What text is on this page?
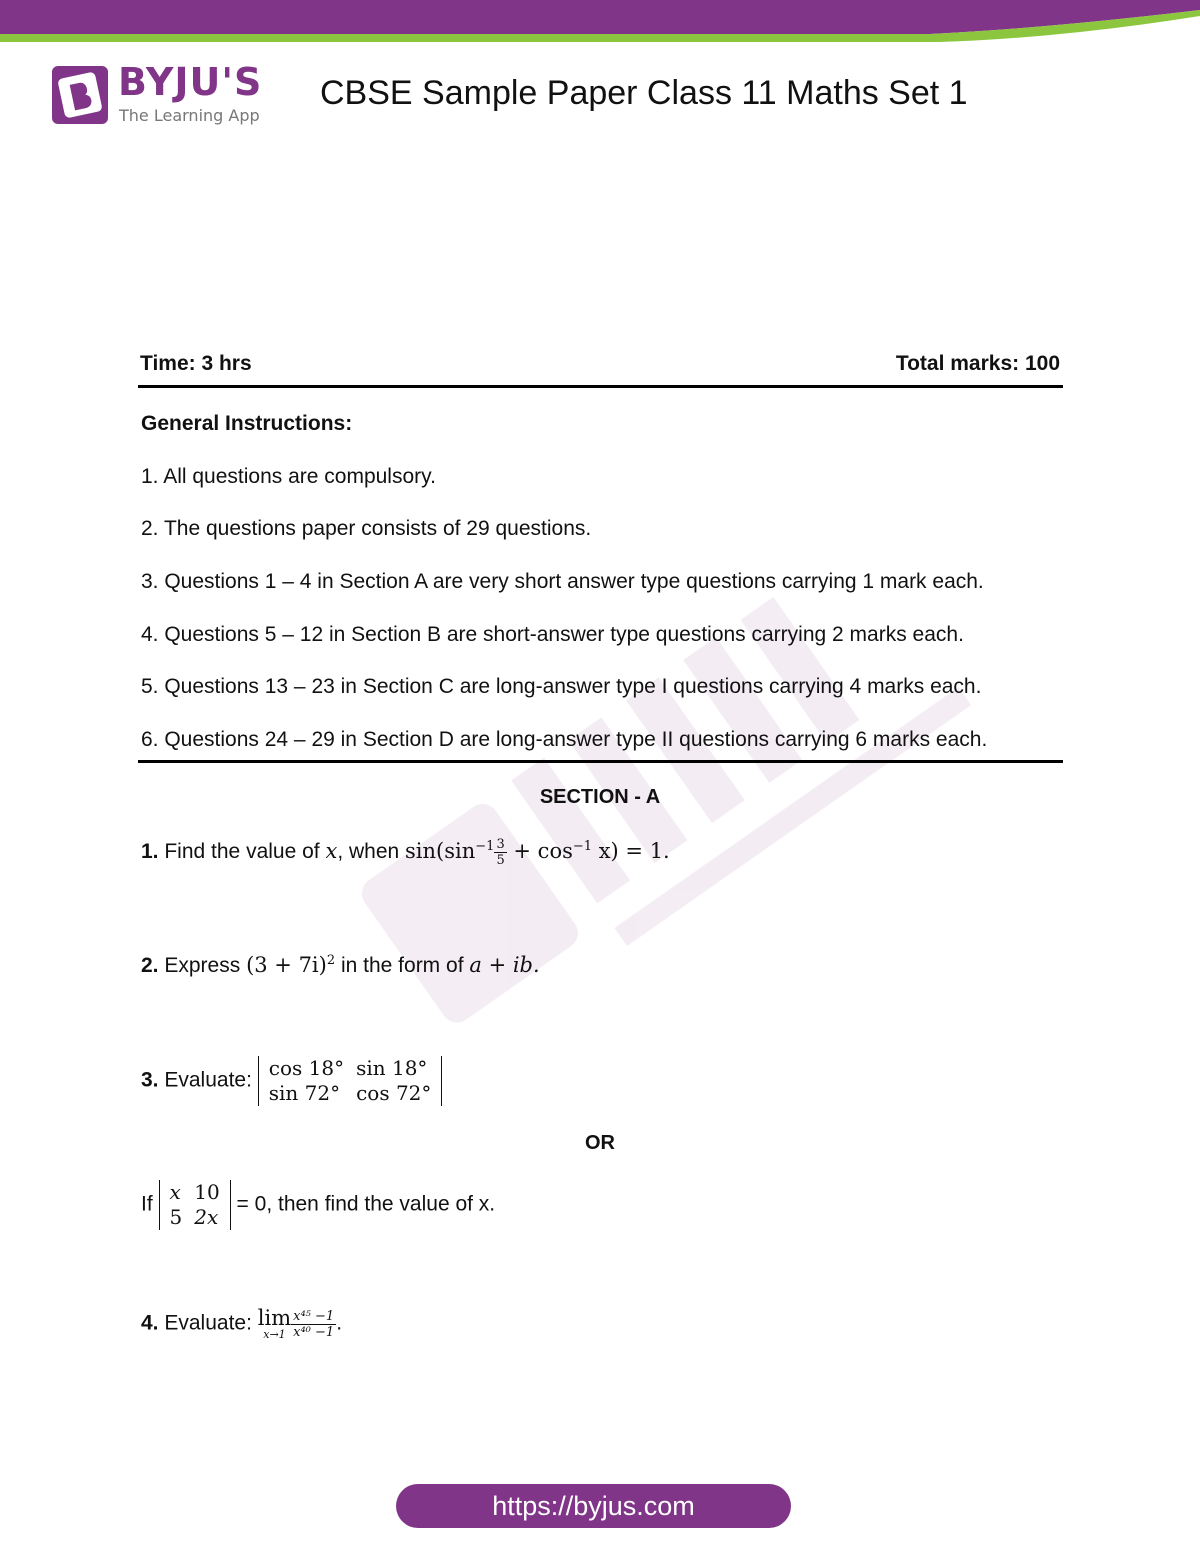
BYJU'S
The Learning App
CBSE Sample Paper Class 11 Maths Set 1
Time: 3 hrs	Total marks: 100
General Instructions:
1. All questions are compulsory.
2. The questions paper consists of 29 questions.
3. Questions 1 – 4 in Section A are very short answer type questions carrying 1 mark each.
4. Questions 5 – 12 in Section B are short-answer type questions carrying 2 marks each.
5. Questions 13 – 23 in Section C are long-answer type I questions carrying 4 marks each.
6. Questions 24 – 29 in Section D are long-answer type II questions carrying 6 marks each.
SECTION - A
1. Find the value of x, when $\sin(\sin^{-1} \frac{3}{5} + \cos^{-1} x) = 1$.
2. Express $(3 + 7i)^2$ in the form of a + ib.
3. Evaluate:
cos 18°	sin 18°
sin 72°	cos 72°
OR
If
x	10
5	2x
= 0, then find the value of x.
4. Evaluate: lim
$x\to 1 \frac{\text{x⁴⁵ −1}}{\text{x⁴⁰ −1}}$ .
https://byjus.com
